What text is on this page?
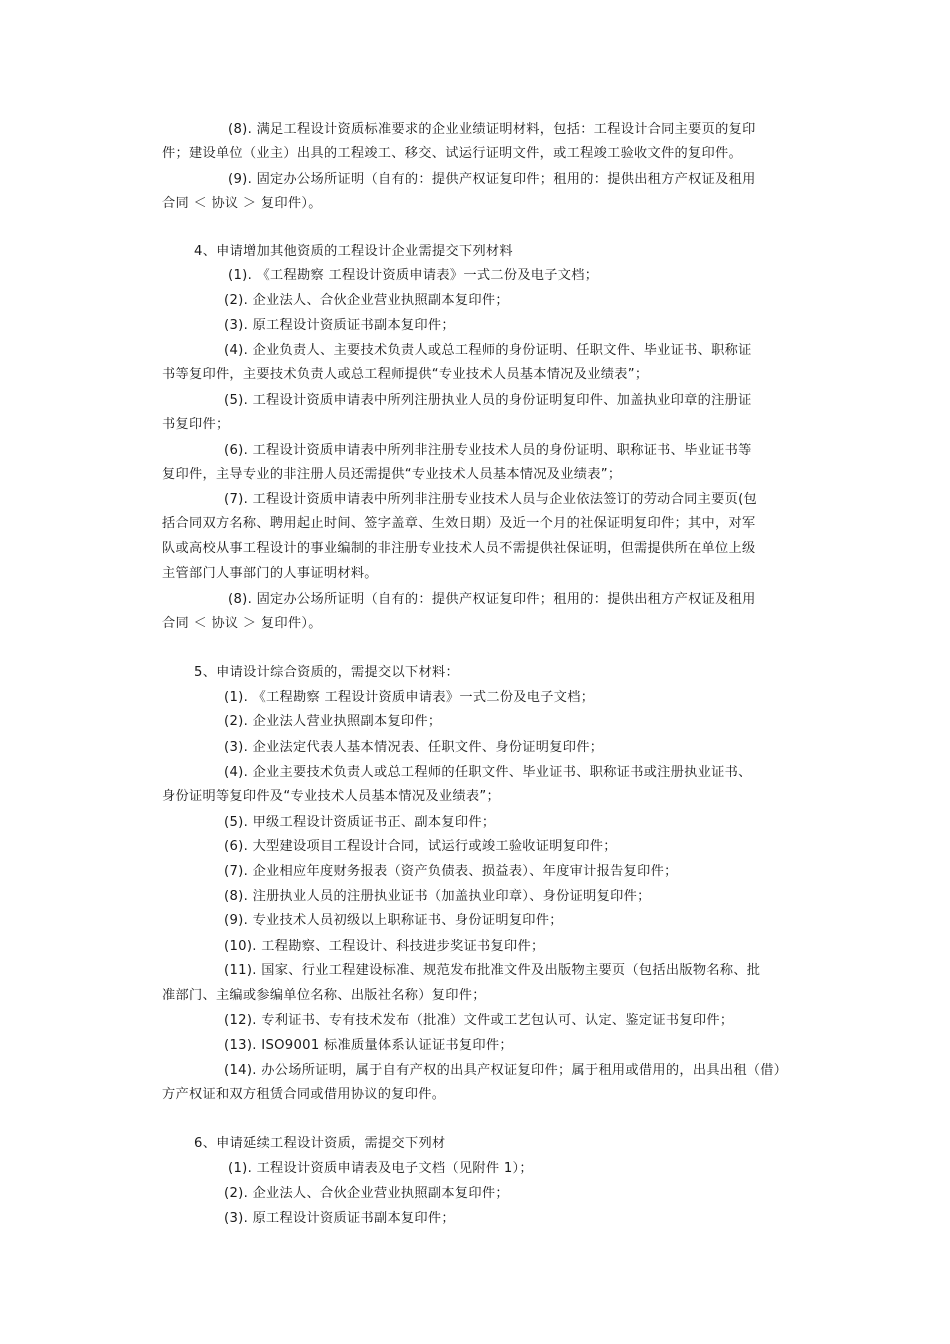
(8). 满足工程设计资质标准要求的企业业绩证明材料，包括：工程设计合同主要页的复印
件；建设单位（业主）出具的工程竣工、移交、试运行证明文件，或工程竣工验收文件的复印件。
(9). 固定办公场所证明（自有的：提供产权证复印件；租用的：提供出租方产权证及租用
合同 ＜ 协议 ＞ 复印件）。
4、申请增加其他资质的工程设计企业需提交下列材料
(1). 《工程勘察 工程设计资质申请表》一式二份及电子文档；
(2). 企业法人、合伙企业营业执照副本复印件；
(3). 原工程设计资质证书副本复印件；
(4). 企业负责人、主要技术负责人或总工程师的身份证明、任职文件、毕业证书、职称证
书等复印件，主要技术负责人或总工程师提供“专业技术人员基本情况及业绩表”；
(5). 工程设计资质申请表中所列注册执业人员的身份证明复印件、加盖执业印章的注册证
书复印件；
(6). 工程设计资质申请表中所列非注册专业技术人员的身份证明、职称证书、毕业证书等
复印件，主导专业的非注册人员还需提供“专业技术人员基本情况及业绩表”；
(7). 工程设计资质申请表中所列非注册专业技术人员与企业依法签订的劳动合同主要页(包
括合同双方名称、聘用起止时间、签字盖章、生效日期）及近一个月的社保证明复印件；其中，对军
队或高校从事工程设计的事业编制的非注册专业技术人员不需提供社保证明，但需提供所在单位上级
主管部门人事部门的人事证明材料。
(8). 固定办公场所证明（自有的：提供产权证复印件；租用的：提供出租方产权证及租用
合同 ＜ 协议 ＞ 复印件）。
5、申请设计综合资质的，需提交以下材料：
(1). 《工程勘察 工程设计资质申请表》一式二份及电子文档；
(2). 企业法人营业执照副本复印件；
(3). 企业法定代表人基本情况表、任职文件、身份证明复印件；
(4). 企业主要技术负责人或总工程师的任职文件、毕业证书、职称证书或注册执业证书、
身份证明等复印件及“专业技术人员基本情况及业绩表”；
(5). 甲级工程设计资质证书正、副本复印件；
(6). 大型建设项目工程设计合同，试运行或竣工验收证明复印件；
(7). 企业相应年度财务报表（资产负债表、损益表）、年度审计报告复印件；
(8). 注册执业人员的注册执业证书（加盖执业印章）、身份证明复印件；
(9). 专业技术人员初级以上职称证书、身份证明复印件；
(10). 工程勘察、工程设计、科技进步奖证书复印件；
(11). 国家、行业工程建设标准、规范发布批准文件及出版物主要页（包括出版物名称、批
准部门、主编或参编单位名称、出版社名称）复印件；
(12). 专利证书、专有技术发布（批准）文件或工艺包认可、认定、鉴定证书复印件；
(13). ISO9001 标准质量体系认证证书复印件；
(14). 办公场所证明，属于自有产权的出具产权证复印件；属于租用或借用的，出具出租（借）
方产权证和双方租赁合同或借用协议的复印件。
6、申请延续工程设计资质，需提交下列材
(1). 工程设计资质申请表及电子文档（见附件 1）；
(2). 企业法人、合伙企业营业执照副本复印件；
(3). 原工程设计资质证书副本复印件；
